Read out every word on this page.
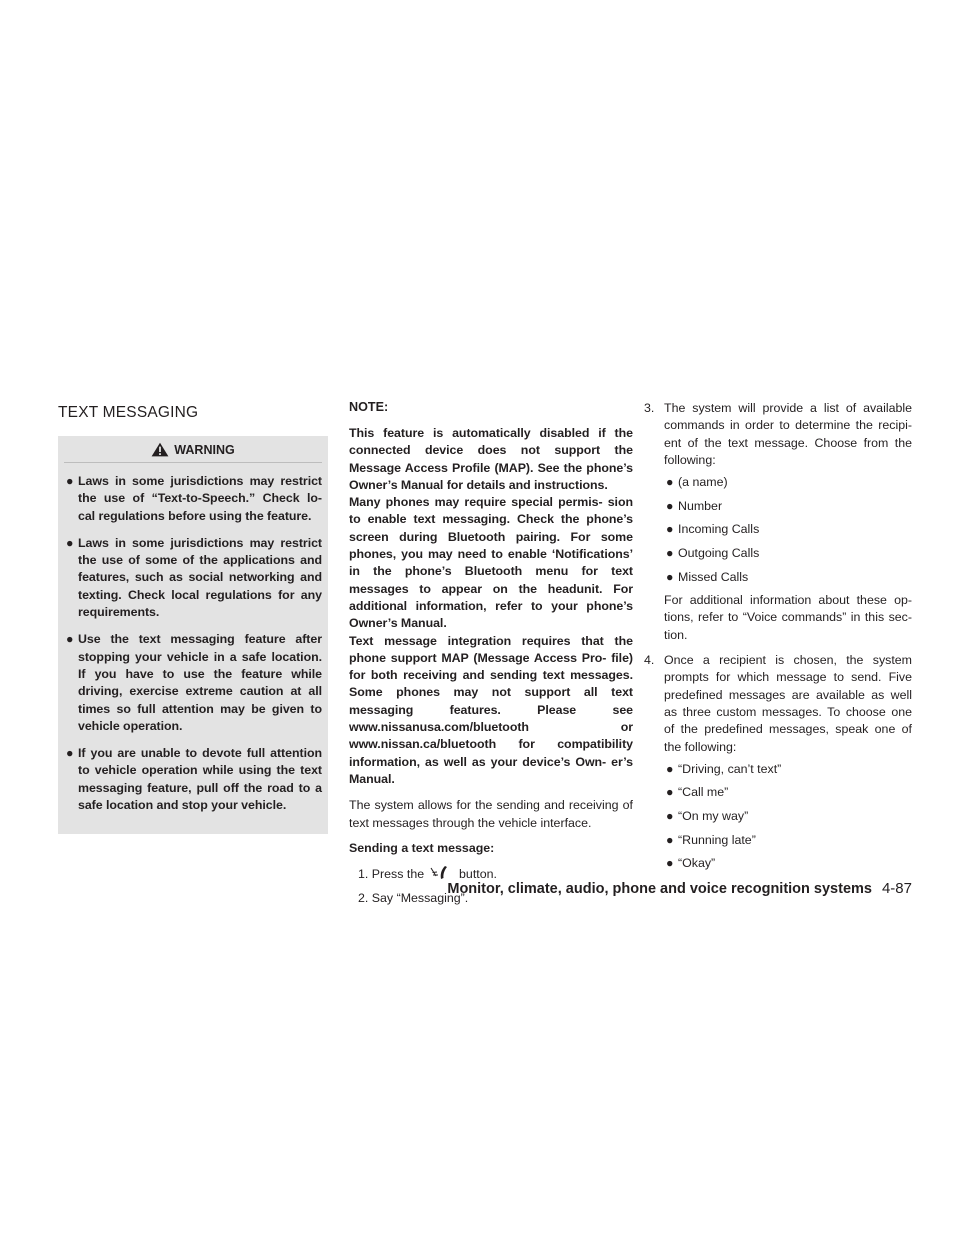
TEXT MESSAGING
WARNING
● Laws in some jurisdictions may restrict the use of “Text-to-Speech.” Check lo- cal regulations before using the feature.
● Laws in some jurisdictions may restrict the use of some of the applications and features, such as social networking and texting. Check local regulations for any requirements.
● Use the text messaging feature after stopping your vehicle in a safe location. If you have to use the feature while driving, exercise extreme caution at all times so full attention may be given to vehicle operation.
● If you are unable to devote full attention to vehicle operation while using the text messaging feature, pull off the road to a safe location and stop your vehicle.
NOTE:
This feature is automatically disabled if the connected device does not support the Message Access Profile (MAP). See the phone’s Owner’s Manual for details and instructions.
Many phones may require special permis- sion to enable text messaging. Check the phone’s screen during Bluetooth pairing. For some phones, you may need to enable ‘Notifications’ in the phone’s Bluetooth menu for text messages to appear on the headunit. For additional information, refer to your phone’s Owner’s Manual.
Text message integration requires that the phone support MAP (Message Access Pro- file) for both receiving and sending text messages. Some phones may not support all text messaging features. Please see www.nissanusa.com/bluetooth or www.nissan.ca/bluetooth for compatibility information, as well as your device’s Own- er’s Manual.

The system allows for the sending and receiving of text messages through the vehicle interface.

Sending a text message:

1. Press the	button.
2. Say “Messaging”.
3. The system will provide a list of available commands in order to determine the recipi- ent of the text message. Choose from the following:
● (a name)
● Number
● Incoming Calls
● Outgoing Calls
● Missed Calls

For additional information about these op- tions, refer to “Voice commands” in this sec- tion.

4. Once a recipient is chosen, the system prompts for which message to send. Five predefined messages are available as well as three custom messages. To choose one of the predefined messages, speak one of the following:
● “Driving, can’t text”
● “Call me”
● “On my way”
● “Running late”
● “Okay”
Monitor, climate, audio, phone and voice recognition systems 4-87
